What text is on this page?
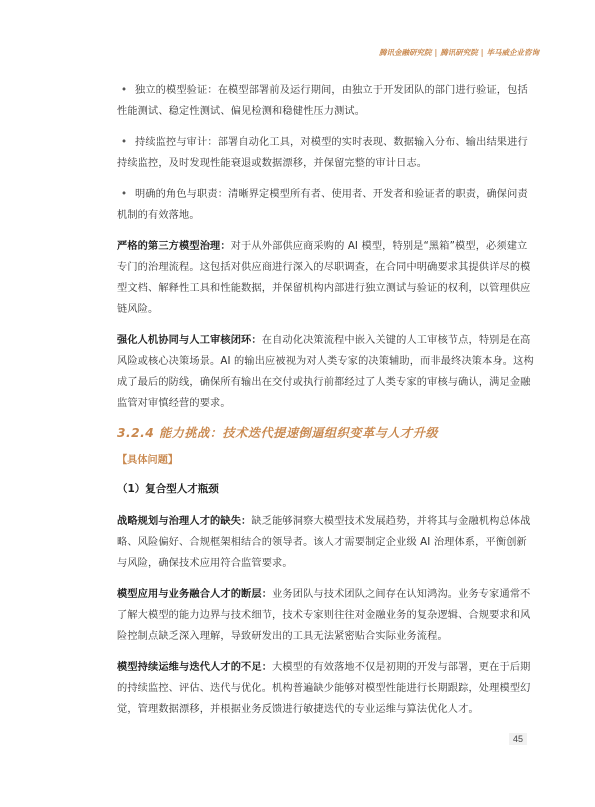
腾讯金融研究院 | 腾讯研究院 | 毕马威企业咨询

• 独立的模型验证：在模型部署前及运行期间，由独立于开发团队的部门进行验证，包括性能测试、稳定性测试、偏见检测和稳健性压力测试。

• 持续监控与审计：部署自动化工具，对模型的实时表现、数据输入分布、输出结果进行持续监控，及时发现性能衰退或数据漂移，并保留完整的审计日志。

• 明确的角色与职责：清晰界定模型所有者、使用者、开发者和验证者的职责，确保问责机制的有效落地。

严格的第三方模型治理：对于从外部供应商采购的 AI 模型，特别是“黑箱”模型，必须建立专门的治理流程。这包括对供应商进行深入的尽职调查，在合同中明确要求其提供详尽的模型文档、解释性工具和性能数据，并保留机构内部进行独立测试与验证的权利，以管理供应链风险。

强化人机协同与人工审核闭环：在自动化决策流程中嵌入关键的人工审核节点，特别是在高风险或核心决策场景。AI 的输出应被视为对人类专家的决策辅助，而非最终决策本身。这构成了最后的防线，确保所有输出在交付或执行前都经过了人类专家的审核与确认，满足金融监管对审慎经营的要求。

3.2.4 能力挑战：技术迭代提速倒逼组织变革与人才升级
【具体问题】
（1）复合型人才瓶颈

战略规划与治理人才的缺失：缺乏能够洞察大模型技术发展趋势，并将其与金融机构总体战略、风险偏好、合规框架相结合的领导者。该人才需要制定企业级 AI 治理体系，平衡创新与风险，确保技术应用符合监管要求。

模型应用与业务融合人才的断层：业务团队与技术团队之间存在认知鸿沟。业务专家通常不了解大模型的能力边界与技术细节，技术专家则往往对金融业务的复杂逻辑、合规要求和风险控制点缺乏深入理解，导致研发出的工具无法紧密贴合实际业务流程。

模型持续运维与迭代人才的不足：大模型的有效落地不仅是初期的开发与部署，更在于后期的持续监控、评估、迭代与优化。机构普遍缺少能够对模型性能进行长期跟踪，处理模型幻觉，管理数据漂移，并根据业务反馈进行敏捷迭代的专业运维与算法优化人才。

45
